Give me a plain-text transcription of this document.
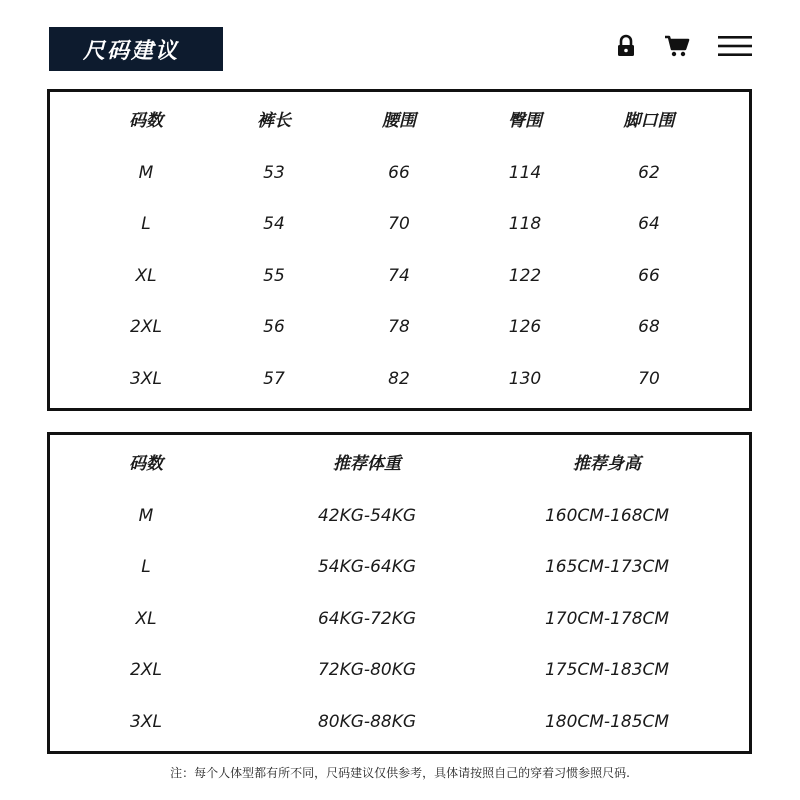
尺码建议
码数	裤长	腰围	臀围	脚口围
M	53	66	114	62
L	54	70	118	64
XL	55	74	122	66
2XL	56	78	126	68
3XL	57	82	130	70
码数	推荐体重	推荐身高
M	42KG-54KG	160CM-168CM
L	54KG-64KG	165CM-173CM
XL	64KG-72KG	170CM-178CM
2XL	72KG-80KG	175CM-183CM
3XL	80KG-88KG	180CM-185CM
注：每个人体型都有所不同，尺码建议仅供参考，具体请按照自己的穿着习惯参照尺码.
